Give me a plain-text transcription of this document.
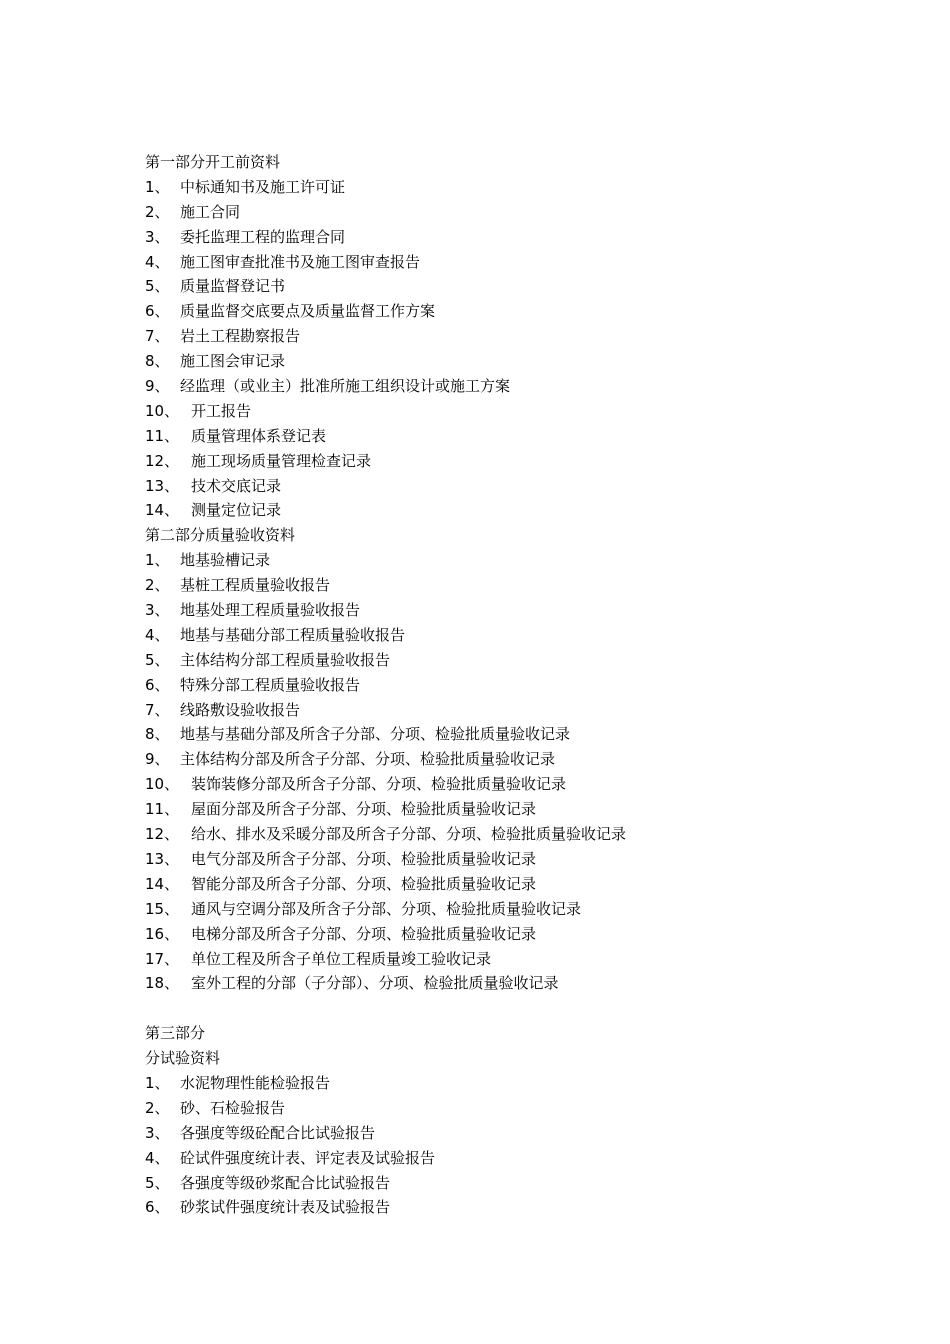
第一部分开工前资料
1、 中标通知书及施工许可证
2、 施工合同
3、 委托监理工程的监理合同
4、 施工图审查批准书及施工图审查报告
5、 质量监督登记书
6、 质量监督交底要点及质量监督工作方案
7、 岩土工程勘察报告
8、 施工图会审记录
9、 经监理（或业主）批准所施工组织设计或施工方案
10、 开工报告
11、 质量管理体系登记表
12、 施工现场质量管理检查记录
13、 技术交底记录
14、 测量定位记录
第二部分质量验收资料
1、 地基验槽记录
2、 基桩工程质量验收报告
3、 地基处理工程质量验收报告
4、 地基与基础分部工程质量验收报告
5、 主体结构分部工程质量验收报告
6、 特殊分部工程质量验收报告
7、 线路敷设验收报告
8、 地基与基础分部及所含子分部、分项、检验批质量验收记录
9、 主体结构分部及所含子分部、分项、检验批质量验收记录
10、 装饰装修分部及所含子分部、分项、检验批质量验收记录
11、 屋面分部及所含子分部、分项、检验批质量验收记录
12、 给水、排水及采暖分部及所含子分部、分项、检验批质量验收记录
13、 电气分部及所含子分部、分项、检验批质量验收记录
14、 智能分部及所含子分部、分项、检验批质量验收记录
15、 通风与空调分部及所含子分部、分项、检验批质量验收记录
16、 电梯分部及所含子分部、分项、检验批质量验收记录
17、 单位工程及所含子单位工程质量竣工验收记录
18、 室外工程的分部（子分部）、分项、检验批质量验收记录
第三部分
分试验资料
1、 水泥物理性能检验报告
2、 砂、石检验报告
3、 各强度等级砼配合比试验报告
4、 砼试件强度统计表、评定表及试验报告
5、 各强度等级砂浆配合比试验报告
6、 砂浆试件强度统计表及试验报告
